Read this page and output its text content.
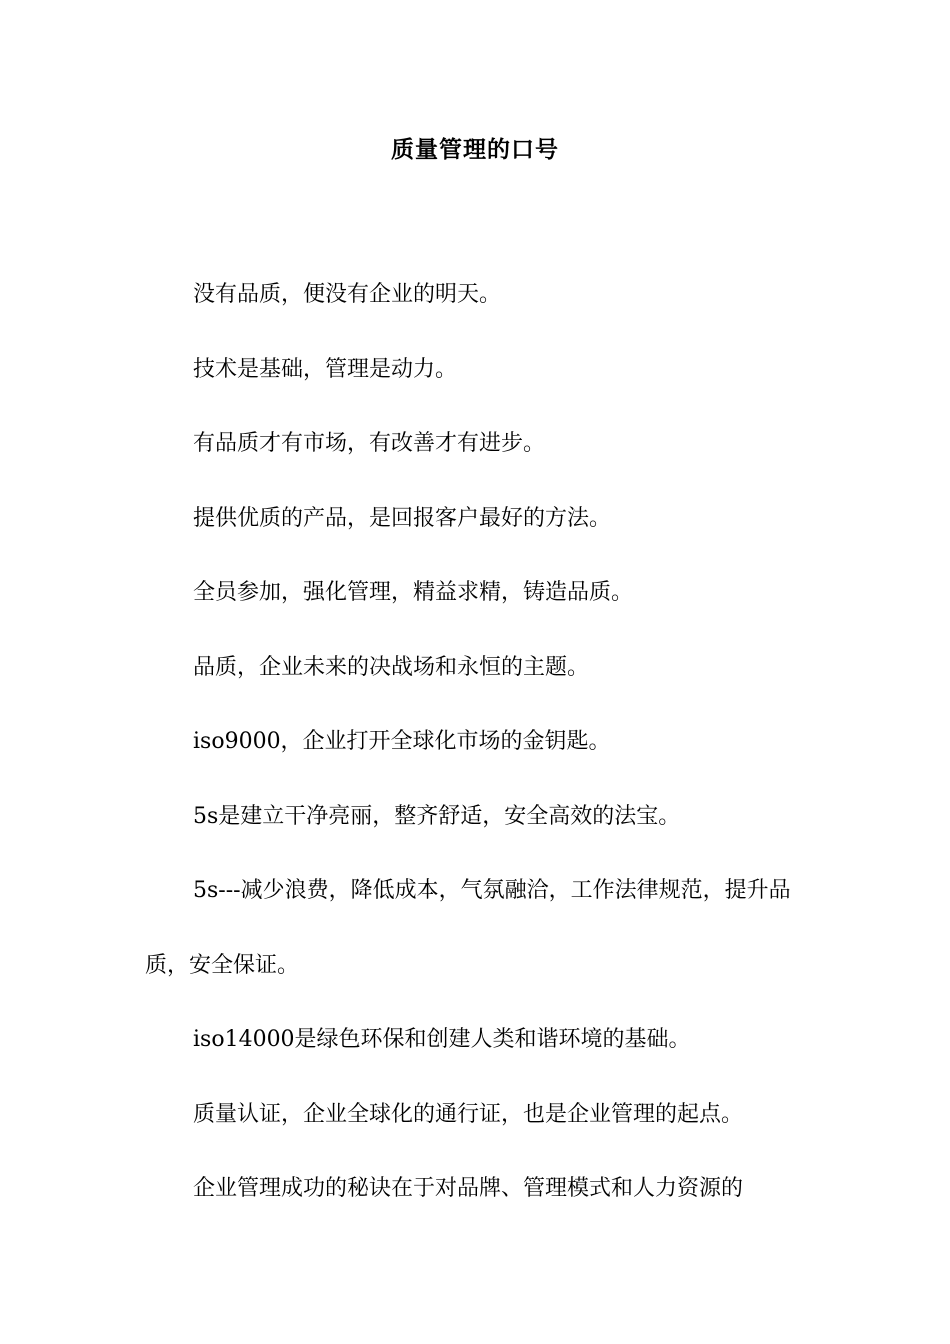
质量管理的口号

没有品质，便没有企业的明天。

技术是基础，管理是动力。

有品质才有市场，有改善才有进步。

提供优质的产品，是回报客户最好的方法。

全员参加，强化管理，精益求精，铸造品质。

品质，企业未来的决战场和永恒的主题。

iso9000，企业打开全球化市场的金钥匙。

5s是建立干净亮丽，整齐舒适，安全高效的法宝。

5s---减少浪费，降低成本，气氛融洽，工作法律规范，提升品质，安全保证。

iso14000是绿色环保和创建人类和谐环境的基础。

质量认证，企业全球化的通行证，也是企业管理的起点。

企业管理成功的秘诀在于对品牌、管理模式和人力资源的
